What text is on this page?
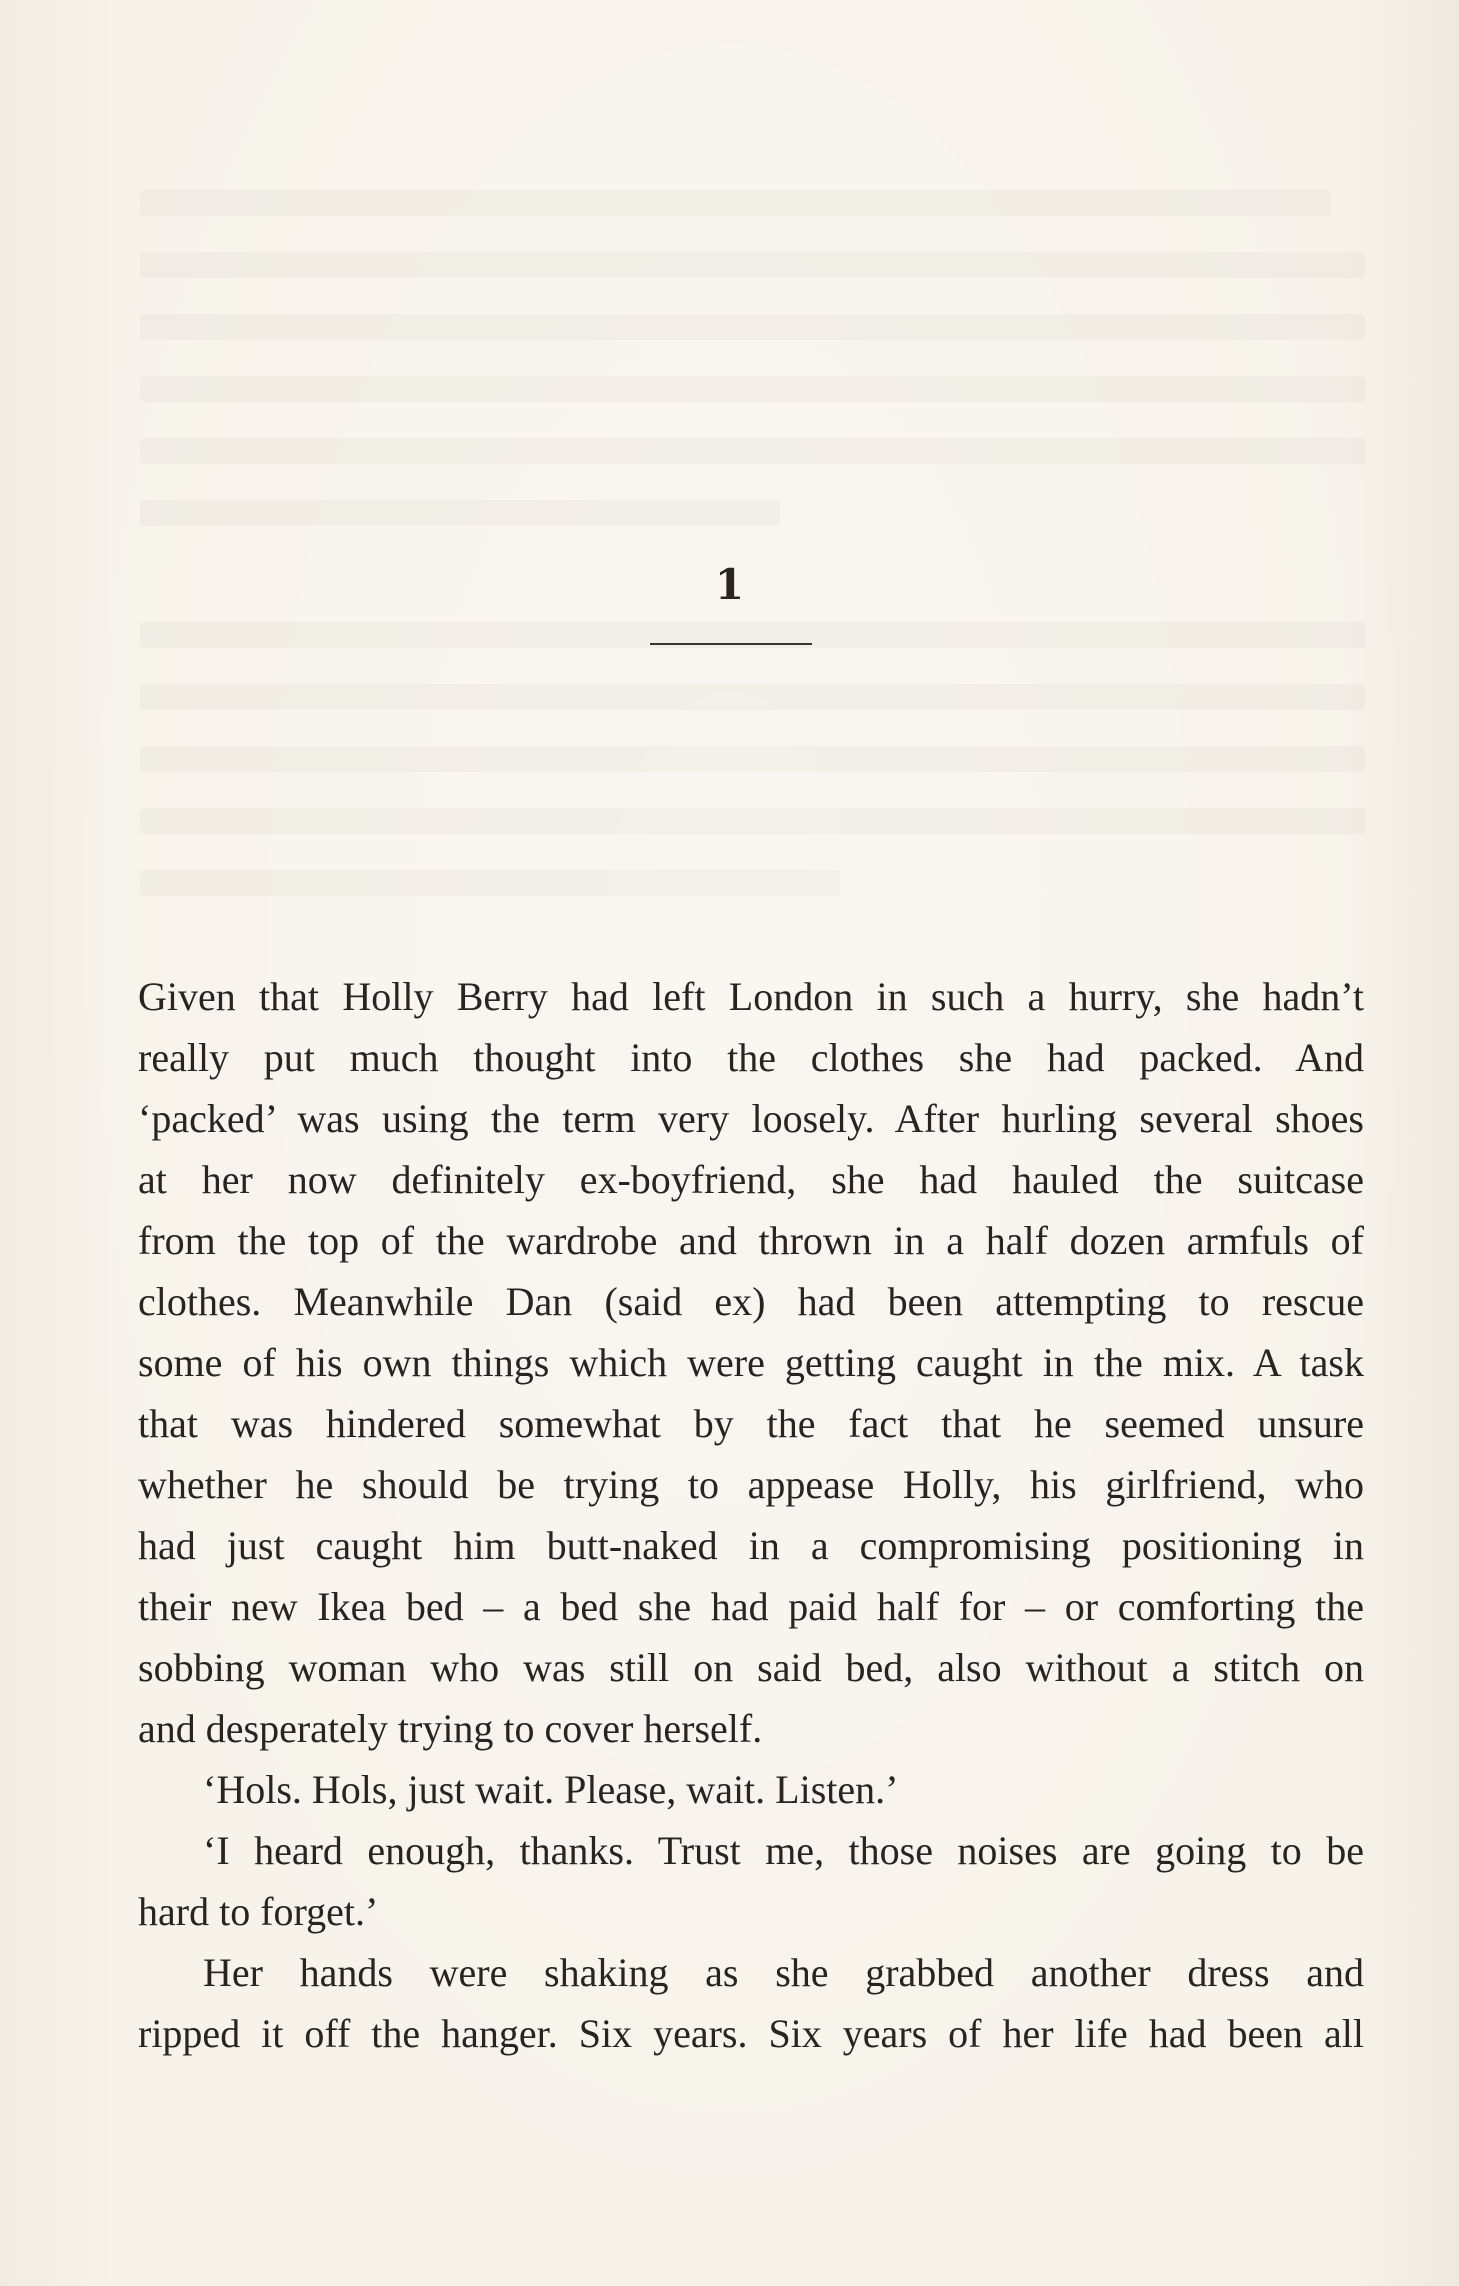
1
Given that Holly Berry had left London in such a hurry, she hadn’t
really put much thought into the clothes she had packed. And
‘packed’ was using the term very loosely. After hurling several shoes
at her now definitely ex-boyfriend, she had hauled the suitcase
from the top of the wardrobe and thrown in a half dozen armfuls of
clothes. Meanwhile Dan (said ex) had been attempting to rescue
some of his own things which were getting caught in the mix. A task
that was hindered somewhat by the fact that he seemed unsure
whether he should be trying to appease Holly, his girlfriend, who
had just caught him butt-naked in a compromising positioning in
their new Ikea bed – a bed she had paid half for – or comforting the
sobbing woman who was still on said bed, also without a stitch on
and desperately trying to cover herself.
‘Hols. Hols, just wait. Please, wait. Listen.’
‘I heard enough, thanks. Trust me, those noises are going to be
hard to forget.’
Her hands were shaking as she grabbed another dress and
ripped it off the hanger. Six years. Six years of her life had been all
